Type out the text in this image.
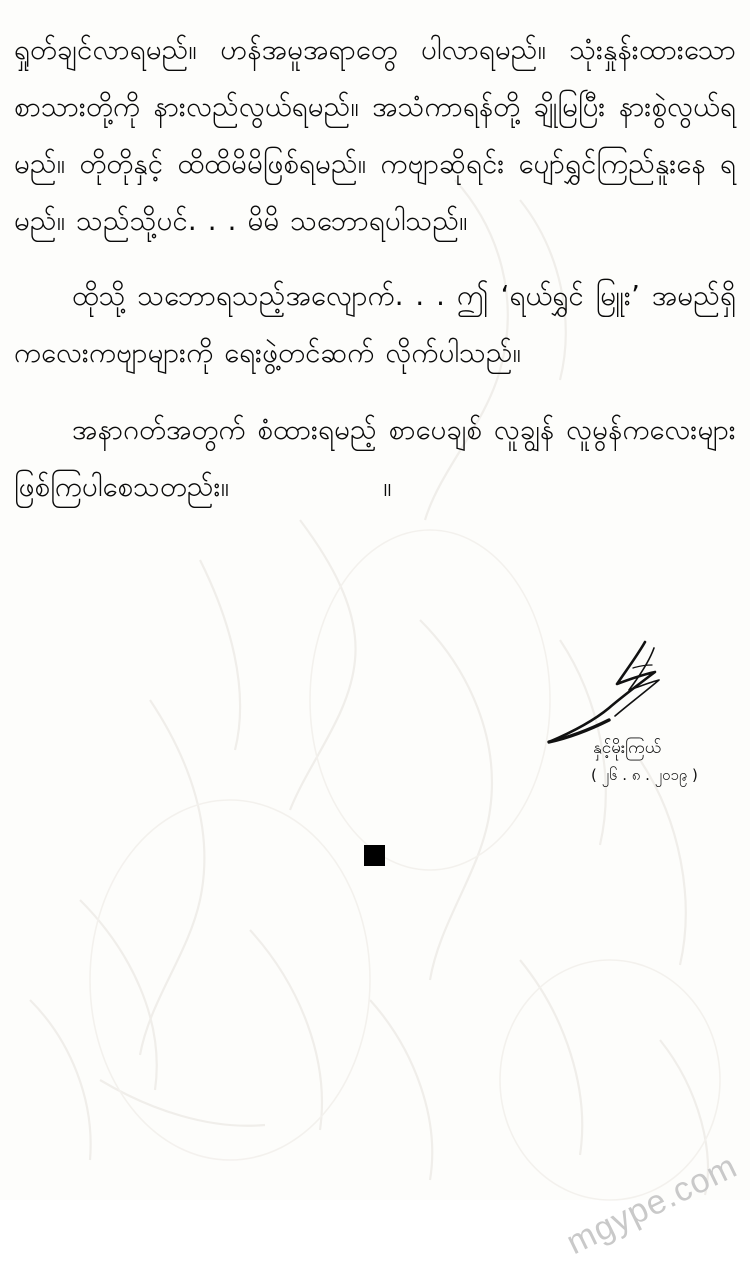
ရှုတ်ချင်လာရမည်။ ဟန်အမူအရာတွေ ပါလာရမည်။ သုံးနှုန်းထားသော စာသားတို့ကို နားလည်လွယ်ရမည်။ အသံကာရန်တို့ ချိုမြပြီး နားစွဲလွယ်ရမည်။ တိုတိုနှင့် ထိထိမိမိဖြစ်ရမည်။ ကဗျာဆိုရင်း ပျော်ရွှင်ကြည်နူးနေ ရမည်။ သည်သို့ပင်. . . မိမိ သဘောရပါသည်။

ထိုသို့ သဘောရသည့်အလျောက်. . . ဤ ‘ရယ်ရွှင် မြူး’ အမည်ရှိ ကလေးကဗျာများကို ရေးဖွဲ့တင်ဆက် လိုက်ပါသည်။

အနာဂတ်အတွက် စံထားရမည့် စာပေချစ် လူချွန် လူမွန်ကလေးများ ဖြစ်ကြပါစေသတည်း။	။

နှင့်မိုးကြယ်
( ၂၆ . ၈ . ၂၀၁၉ )
mgype.com
